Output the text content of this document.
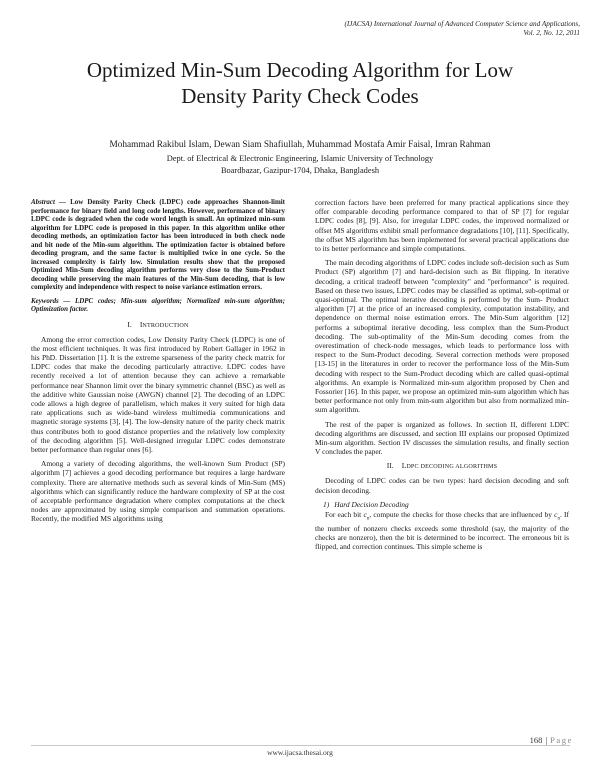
(IJACSA) International Journal of Advanced Computer Science and Applications,
Vol. 2, No. 12, 2011
Optimized Min-Sum Decoding Algorithm for Low
Density Parity Check Codes
Mohammad Rakibul Islam, Dewan Siam Shafiullah, Muhammad Mostafa Amir Faisal, Imran Rahman
Dept. of Electrical & Electronic Engineering, Islamic University of Technology
Boardbazar, Gazipur-1704, Dhaka, Bangladesh

Abstract — Low Density Parity Check (LDPC) code approaches Shannon-limit performance for binary field and long code lengths. However, performance of binary LDPC code is degraded when the code word length is small. An optimized min-sum algorithm for LDPC code is proposed in this paper. In this algorithm unlike other decoding methods, an optimization factor has been introduced in both check node and bit node of the Min-sum algorithm. The optimization factor is obtained before decoding program, and the same factor is multiplied twice in one cycle. So the increased complexity is fairly low. Simulation results show that the proposed Optimized Min-Sum decoding algorithm performs very close to the Sum-Product decoding while preserving the main features of the Min-Sum decoding, that is low complexity and independence with respect to noise variance estimation errors.

Keywords — LDPC codes; Min-sum algorithm; Normalized min-sum algorithm; Optimization factor.

I. INTRODUCTION

Among the error correction codes, Low Density Parity Check (LDPC) is one of the most efficient techniques. It was first introduced by Robert Gallager in 1962 in his PhD. Dissertation [1]. It is the extreme sparseness of the parity check matrix for LDPC codes that make the decoding particularly attractive. LDPC codes have recently received a lot of attention because they can achieve a remarkable performance near Shannon limit over the binary symmetric channel (BSC) as well as the additive white Gaussian noise (AWGN) channel [2]. The decoding of an LDPC code allows a high degree of parallelism, which makes it very suited for high data rate applications such as wide-band wireless multimedia communications and magnetic storage systems [3], [4]. The low-density nature of the parity check matrix thus contributes both to good distance properties and the relatively low complexity of the decoding algorithm [5]. Well-designed irregular LDPC codes demonstrate better performance than regular ones [6].

Among a variety of decoding algorithms, the well-known Sum Product (SP) algorithm [7] achieves a good decoding performance but requires a large hardware complexity. There are alternative methods such as several kinds of Min-Sum (MS) algorithms which can significantly reduce the hardware complexity of SP at the cost of acceptable performance degradation where complex computations at the check nodes are approximated by using simple comparison and summation operations. Recently, the modified MS algorithms using

correction factors have been preferred for many practical applications since they offer comparable decoding performance compared to that of SP [7] for regular LDPC codes [8], [9]. Also, for irregular LDPC codes, the improved normalized or offset MS algorithms exhibit small performance degradations [10], [11]. Specifically, the offset MS algorithm has been implemented for several practical applications due to its better performance and simple computations.

The main decoding algorithms of LDPC codes include soft-decision such as Sum Product (SP) algorithm [7] and hard-decision such as Bit flipping. In iterative decoding, a critical tradeoff between "complexity" and "performance" is required. Based on these two issues, LDPC codes may be classified as optimal, sub-optimal or quasi-optimal. The optimal iterative decoding is performed by the Sum- Product algorithm [7] at the price of an increased complexity, computation instability, and dependence on thermal noise estimation errors. The Min-Sum algorithm [12] performs a suboptimal iterative decoding, less complex than the Sum-Product decoding. The sub-optimality of the Min-Sum decoding comes from the overestimation of check-node messages, which leads to performance loss with respect to the Sum-Product decoding. Several correction methods were proposed [13-15] in the literatures in order to recover the performance loss of the Min-Sum decoding with respect to the Sum-Product decoding which are called quasi-optimal algorithms. An example is Normalized min-sum algorithm proposed by Chen and Fossorier [16]. In this paper, we propose an optimized min-sum algorithm which has better performance not only from min-sum algorithm but also from normalized min-sum algorithm.

The rest of the paper is organized as follows. In section II, different LDPC decoding algorithms are discussed, and section III explains our proposed Optimized Min-sum algorithm. Section IV discusses the simulation results, and finally section V concludes the paper.

II. LDPC DECODING ALGORITHMS

Decoding of LDPC codes can be two types: hard decision decoding and soft decision decoding.

1) Hard Decision Decoding

For each bit $c_n$, compute the checks for those checks that are influenced by $c_n$. If the number of nonzero checks exceeds some threshold (say, the majority of the checks are nonzero), then the bit is determined to be incorrect. The erroneous bit is flipped, and correction continues. This simple scheme is

168 | Page
www.ijacsa.thesai.org
